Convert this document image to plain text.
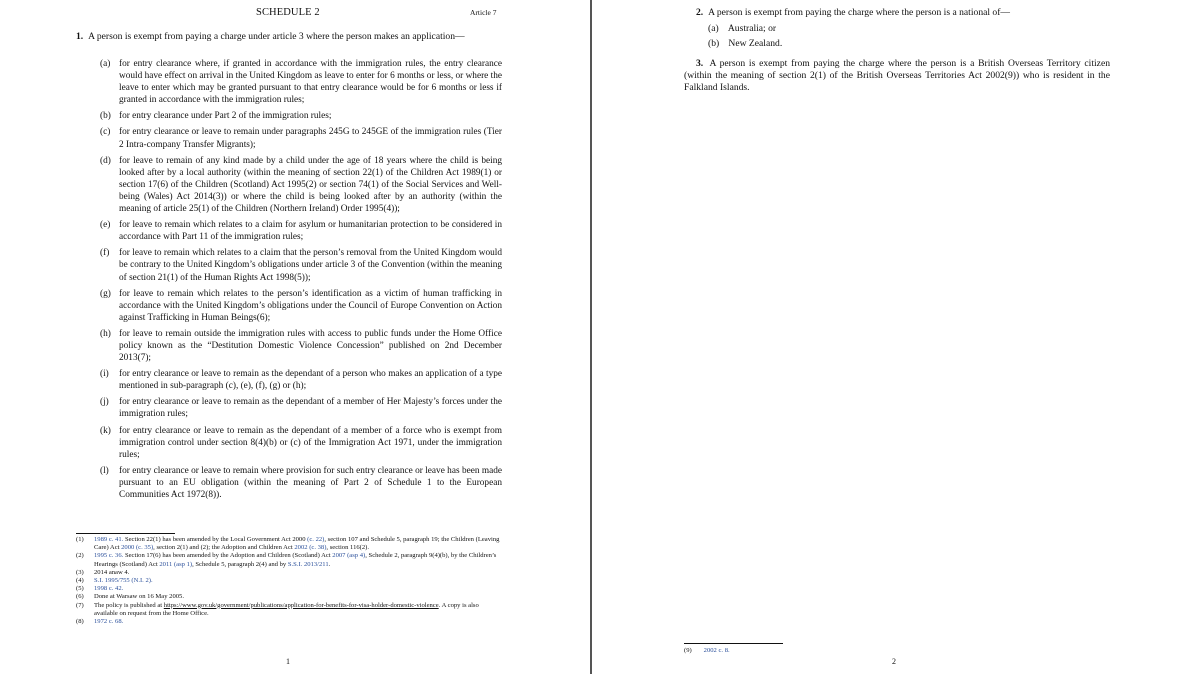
SCHEDULE 2	Article 7
1. A person is exempt from paying a charge under article 3 where the person makes an application—
(a) for entry clearance where, if granted in accordance with the immigration rules, the entry clearance would have effect on arrival in the United Kingdom as leave to enter for 6 months or less, or where the leave to enter which may be granted pursuant to that entry clearance would be for 6 months or less if granted in accordance with the immigration rules;
(b) for entry clearance under Part 2 of the immigration rules;
(c) for entry clearance or leave to remain under paragraphs 245G to 245GE of the immigration rules (Tier 2 Intra-company Transfer Migrants);
(d) for leave to remain of any kind made by a child under the age of 18 years where the child is being looked after by a local authority (within the meaning of section 22(1) of the Children Act 1989(1) or section 17(6) of the Children (Scotland) Act 1995(2) or section 74(1) of the Social Services and Well-being (Wales) Act 2014(3)) or where the child is being looked after by an authority (within the meaning of article 25(1) of the Children (Northern Ireland) Order 1995(4));
(e) for leave to remain which relates to a claim for asylum or humanitarian protection to be considered in accordance with Part 11 of the immigration rules;
(f) for leave to remain which relates to a claim that the person’s removal from the United Kingdom would be contrary to the United Kingdom’s obligations under article 3 of the Convention (within the meaning of section 21(1) of the Human Rights Act 1998(5));
(g) for leave to remain which relates to the person’s identification as a victim of human trafficking in accordance with the United Kingdom’s obligations under the Council of Europe Convention on Action against Trafficking in Human Beings(6);
(h) for leave to remain outside the immigration rules with access to public funds under the Home Office policy known as the “Destitution Domestic Violence Concession” published on 2nd December 2013(7);
(i) for entry clearance or leave to remain as the dependant of a person who makes an application of a type mentioned in sub-paragraph (c), (e), (f), (g) or (h);
(j) for entry clearance or leave to remain as the dependant of a member of Her Majesty’s forces under the immigration rules;
(k) for entry clearance or leave to remain as the dependant of a member of a force who is exempt from immigration control under section 8(4)(b) or (c) of the Immigration Act 1971, under the immigration rules;
(l) for entry clearance or leave to remain where provision for such entry clearance or leave has been made pursuant to an EU obligation (within the meaning of Part 2 of Schedule 1 to the European Communities Act 1972(8)).
(1) 1989 c. 41. Section 22(1) has been amended by the Local Government Act 2000 (c. 22), section 107 and Schedule 5, paragraph 19; the Children (Leaving Care) Act 2000 (c. 35), section 2(1) and (2); the Adoption and Children Act 2002 (c. 38), section 116(2).
(2) 1995 c. 36. Section 17(6) has been amended by the Adoption and Children (Scotland) Act 2007 (asp 4), Schedule 2, paragraph 9(4)(b), by the Children’s Hearings (Scotland) Act 2011 (asp 1), Schedule 5, paragraph 2(4) and by S.S.I. 2013/211.
(3) 2014 anaw 4.
(4) S.I. 1995/755 (N.I. 2).
(5) 1998 c. 42.
(6) Done at Warsaw on 16 May 2005.
(7) The policy is published at https://www.gov.uk/government/publications/application-for-benefits-for-visa-holder-domestic-violence. A copy is also available on request from the Home Office.
(8) 1972 c. 68.
1
2. A person is exempt from paying the charge where the person is a national of—
(a) Australia; or
(b) New Zealand.
3. A person is exempt from paying the charge where the person is a British Overseas Territory citizen (within the meaning of section 2(1) of the British Overseas Territories Act 2002(9)) who is resident in the Falkland Islands.
(9) 2002 c. 8.
2
